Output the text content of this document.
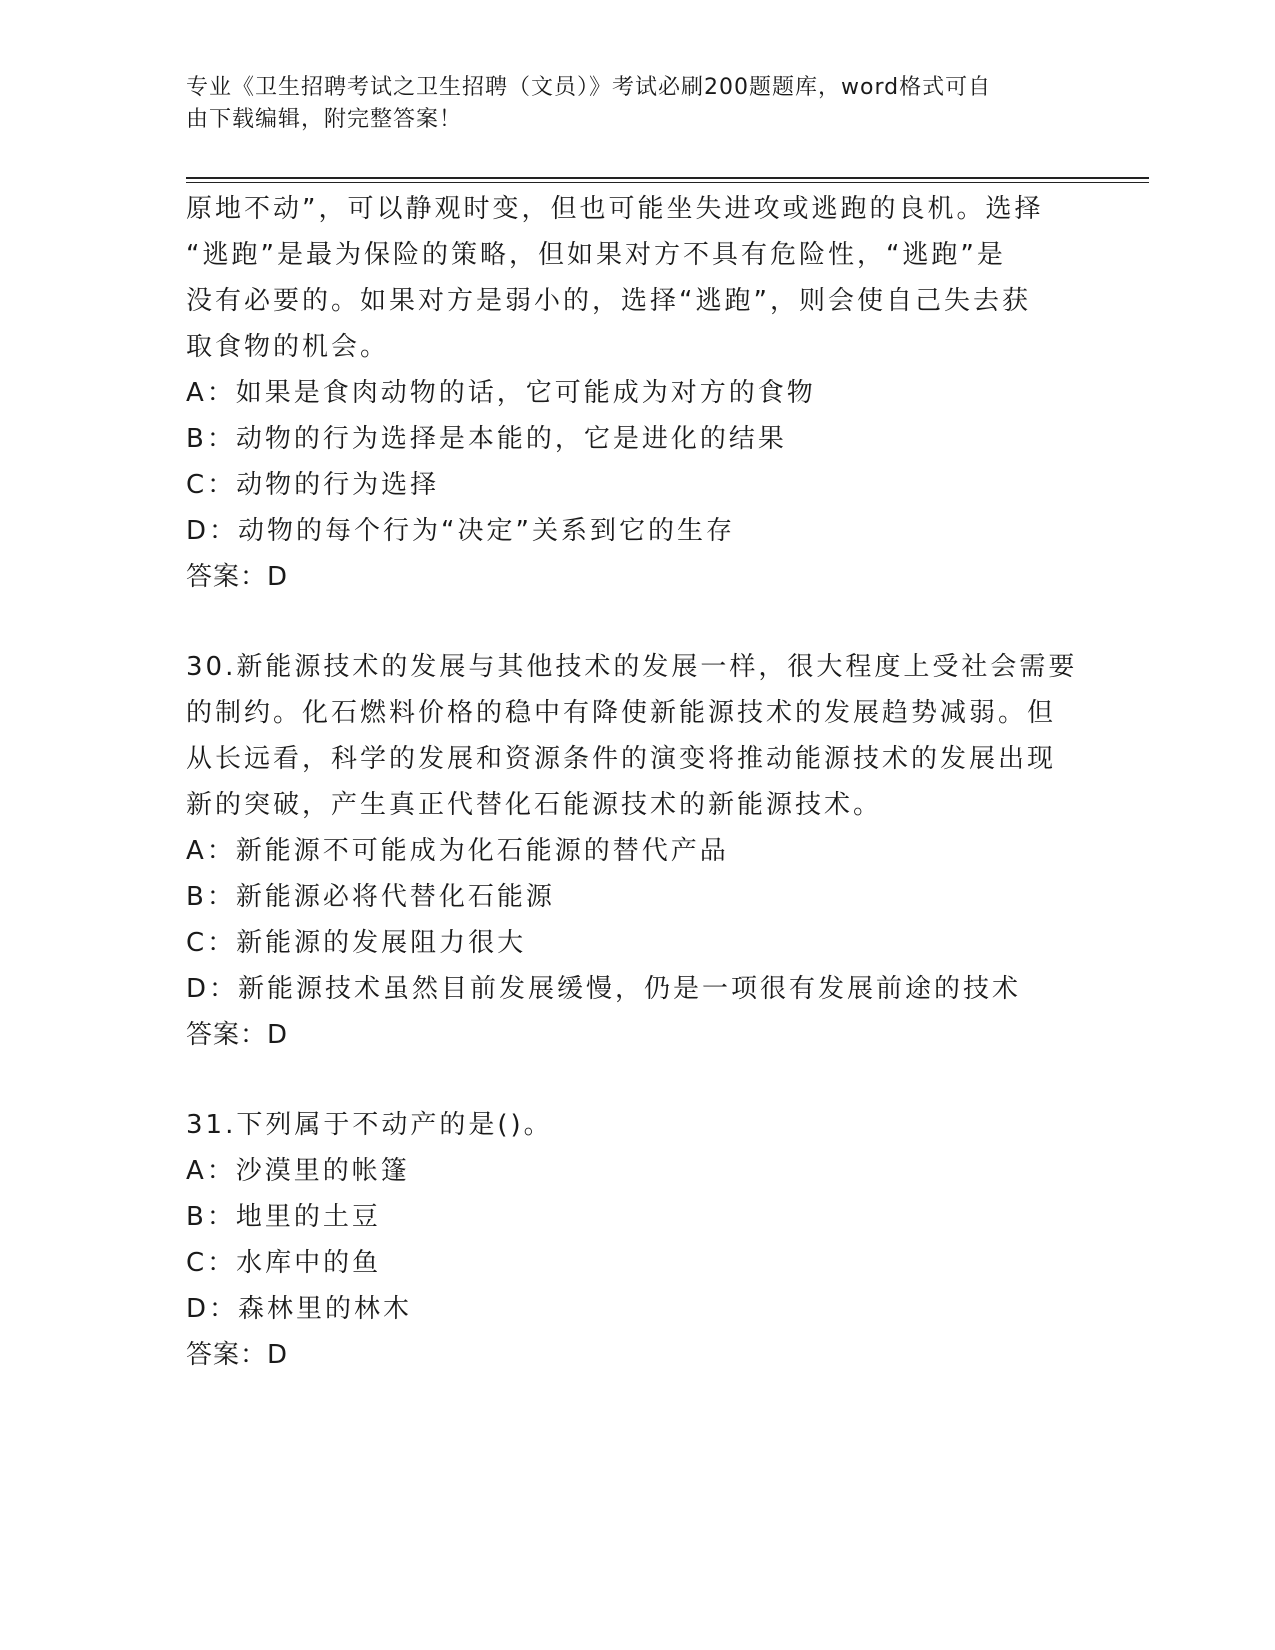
专业《卫生招聘考试之卫生招聘（文员）》考试必刷200题题库，word格式可自
由下载编辑，附完整答案！
原地不动”，可以静观时变，但也可能坐失进攻或逃跑的良机。选择
“逃跑”是最为保险的策略，但如果对方不具有危险性，“逃跑”是
没有必要的。如果对方是弱小的，选择“逃跑”，则会使自己失去获
取食物的机会。
A：如果是食肉动物的话，它可能成为对方的食物
B：动物的行为选择是本能的，它是进化的结果
C：动物的行为选择
D：动物的每个行为“决定”关系到它的生存
答案：D
30.新能源技术的发展与其他技术的发展一样，很大程度上受社会需要
的制约。化石燃料价格的稳中有降使新能源技术的发展趋势减弱。但
从长远看，科学的发展和资源条件的演变将推动能源技术的发展出现
新的突破，产生真正代替化石能源技术的新能源技术。
A：新能源不可能成为化石能源的替代产品
B：新能源必将代替化石能源
C：新能源的发展阻力很大
D：新能源技术虽然目前发展缓慢，仍是一项很有发展前途的技术
答案：D
31.下列属于不动产的是()。
A：沙漠里的帐篷
B：地里的土豆
C：水库中的鱼
D：森林里的林木
答案：D
